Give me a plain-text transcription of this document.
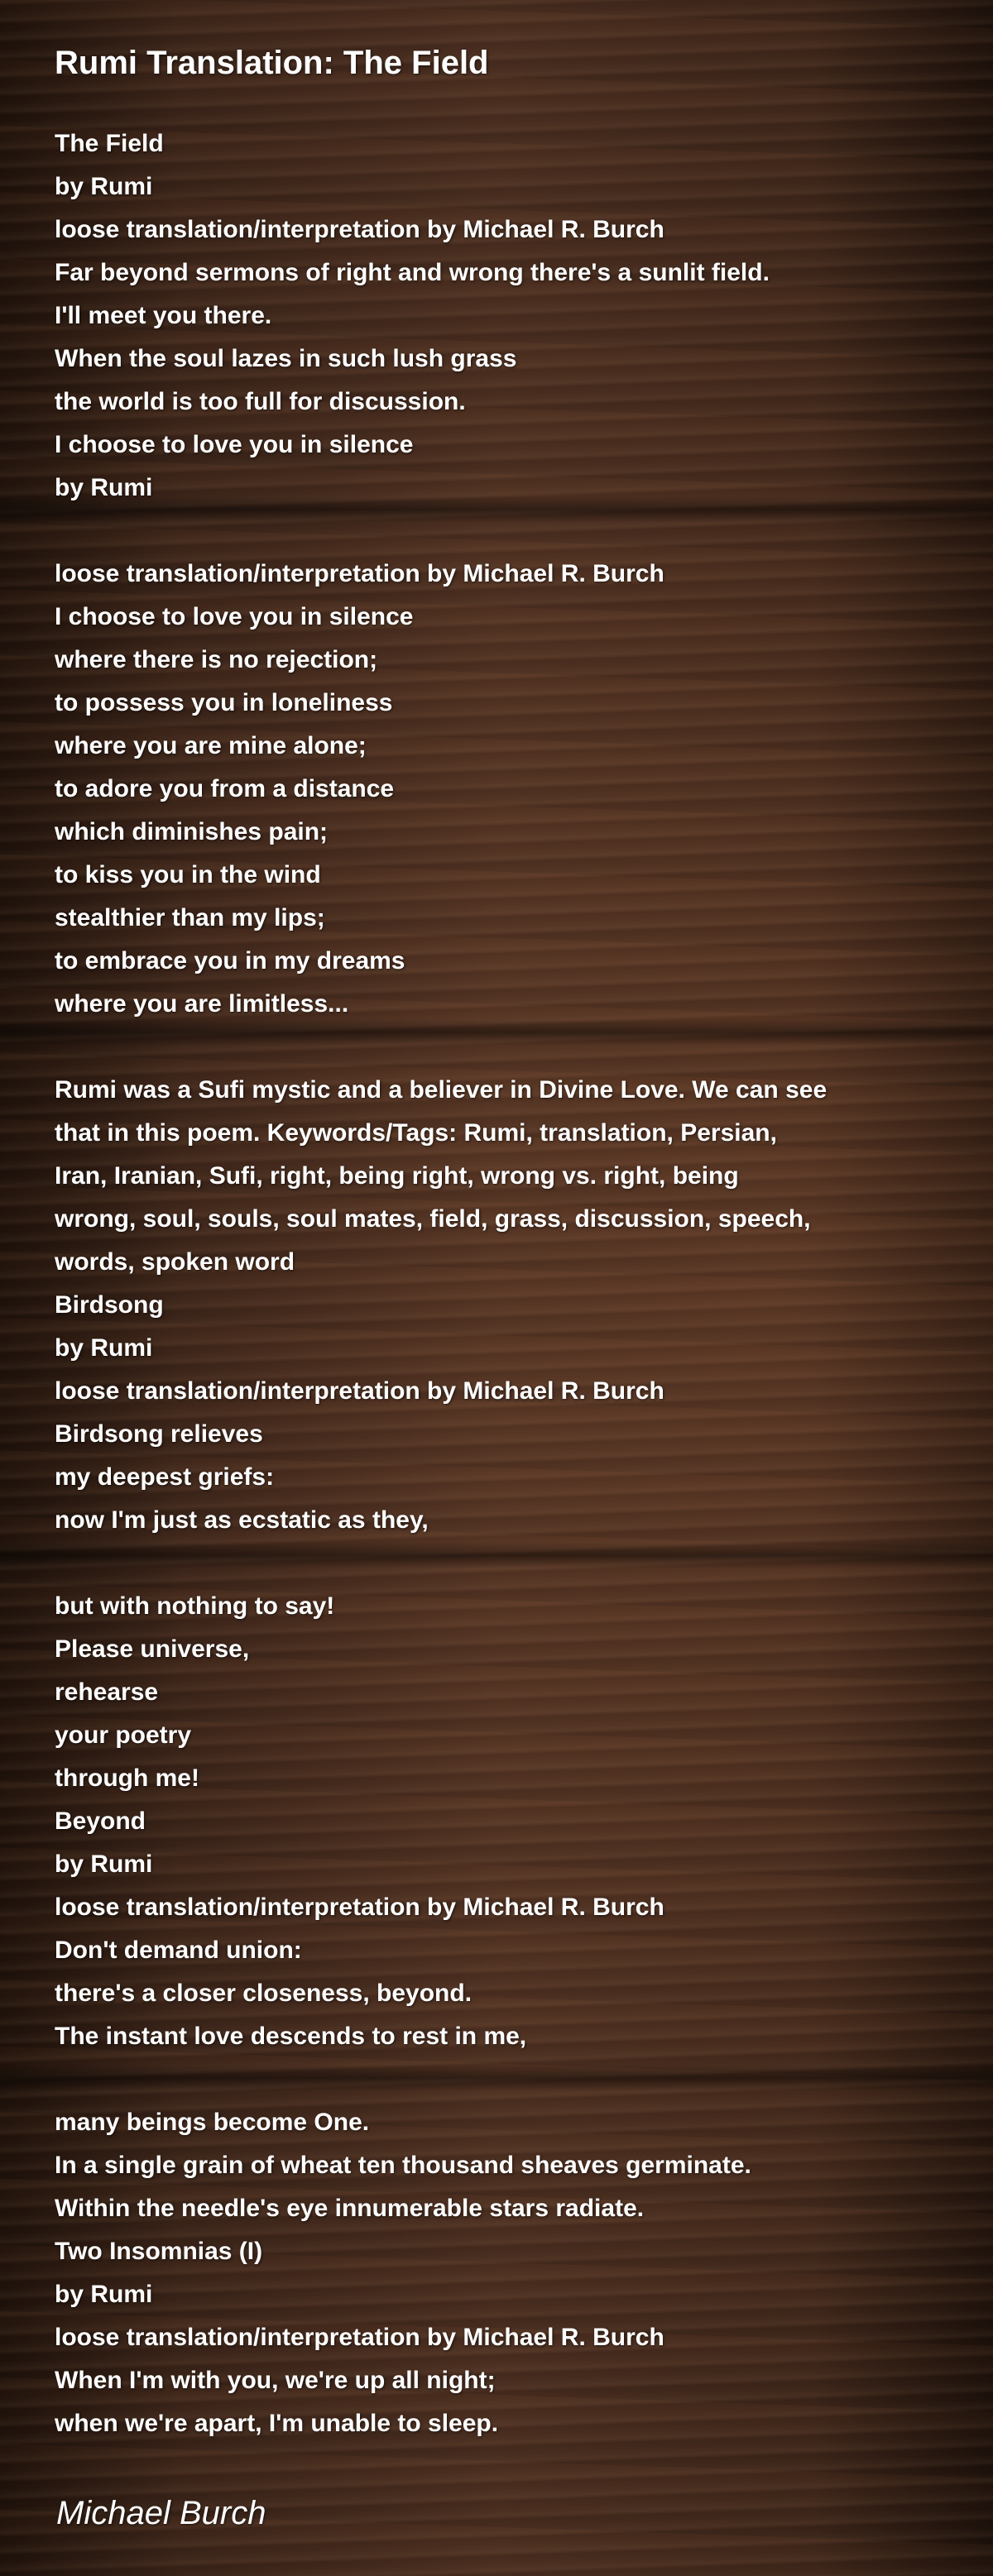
Rumi Translation: The Field
The Field
by Rumi
loose translation/interpretation by Michael R. Burch
Far beyond sermons of right and wrong there's a sunlit field.
I'll meet you there.
When the soul lazes in such lush grass
the world is too full for discussion.
I choose to love you in silence
by Rumi
loose translation/interpretation by Michael R. Burch
I choose to love you in silence
where there is no rejection;
to possess you in loneliness
where you are mine alone;
to adore you from a distance
which diminishes pain;
to kiss you in the wind
stealthier than my lips;
to embrace you in my dreams
where you are limitless...
Rumi was a Sufi mystic and a believer in Divine Love. We can see
that in this poem. Keywords/Tags: Rumi, translation, Persian,
Iran, Iranian, Sufi, right, being right, wrong vs. right, being
wrong, soul, souls, soul mates, field, grass, discussion, speech,
words, spoken word
Birdsong
by Rumi
loose translation/interpretation by Michael R. Burch
Birdsong relieves
my deepest griefs:
now I'm just as ecstatic as they,
but with nothing to say!
Please universe,
rehearse
your poetry
through me!
Beyond
by Rumi
loose translation/interpretation by Michael R. Burch
Don't demand union:
there's a closer closeness, beyond.
The instant love descends to rest in me,
many beings become One.
In a single grain of wheat ten thousand sheaves germinate.
Within the needle's eye innumerable stars radiate.
Two Insomnias (I)
by Rumi
loose translation/interpretation by Michael R. Burch
When I'm with you, we're up all night;
when we're apart, I'm unable to sleep.
Michael Burch
